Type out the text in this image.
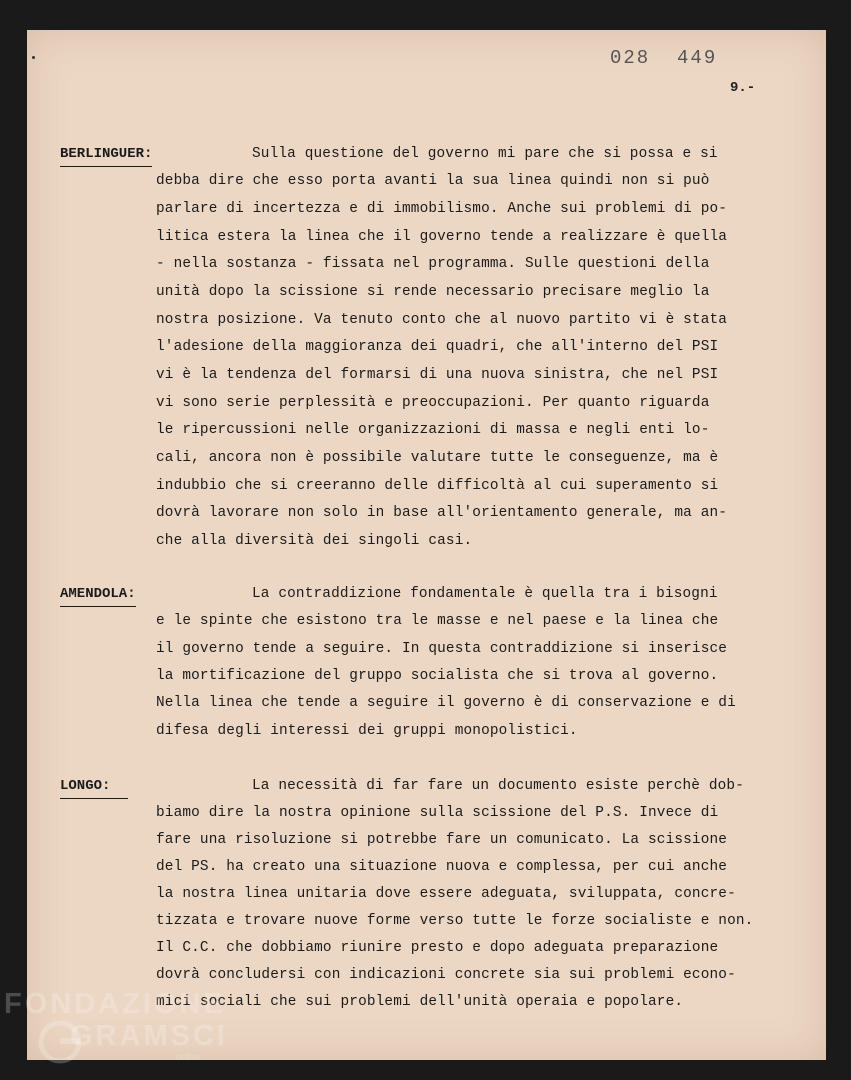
028  449
9.-
BERLINGUER:	Sulla questione del governo mi pare che si possa e si
debba dire che esso porta avanti la sua linea quindi non si può
parlare di incertezza e di immobilismo. Anche sui problemi di po-
litica estera la linea che il governo tende a realizzare è quella
- nella sostanza - fissata nel programma. Sulle questioni della
unità dopo la scissione si rende necessario precisare meglio la
nostra posizione. Va tenuto conto che al nuovo partito vi è stata
l'adesione della maggioranza dei quadri, che all'interno del PSI
vi è la tendenza del formarsi di una nuova sinistra, che nel PSI
vi sono serie perplessità e preoccupazioni. Per quanto riguarda
le ripercussioni nelle organizzazioni di massa e negli enti lo-
cali, ancora non è possibile valutare tutte le conseguenze, ma è
indubbio che si creeranno delle difficoltà al cui superamento si
dovrà lavorare non solo in base all'orientamento generale, ma an-
che alla diversità dei singoli casi.
AMENDOLA:	La contraddizione fondamentale è quella tra i bisogni
e le spinte che esistono tra le masse e nel paese e la linea che
il governo tende a seguire. In questa contraddizione si inserisce
la mortificazione del gruppo socialista che si trova al governo.
Nella linea che tende a seguire il governo è di conservazione e di
difesa degli interessi dei gruppi monopolistici.
LONGO:	La necessità di far fare un documento esiste perchè dob-
biamo dire la nostra opinione sulla scissione del P.S. Invece di
fare una risoluzione si potrebbe fare un comunicato. La scissione
del PS. ha creato una situazione nuova e complessa, per cui anche
la nostra linea unitaria dove essere adeguata, sviluppata, concre-
tizzata e trovare nuove forme verso tutte le forze socialiste e non.
Il C.C. che dobbiamo riunire presto e dopo adeguata preparazione
dovrà concludersi con indicazioni concrete sia sui problemi econo-
mici sociali che sui problemi dell'unità operaia e popolare.
FONDAZIONE
GRAMSCI
onlus
